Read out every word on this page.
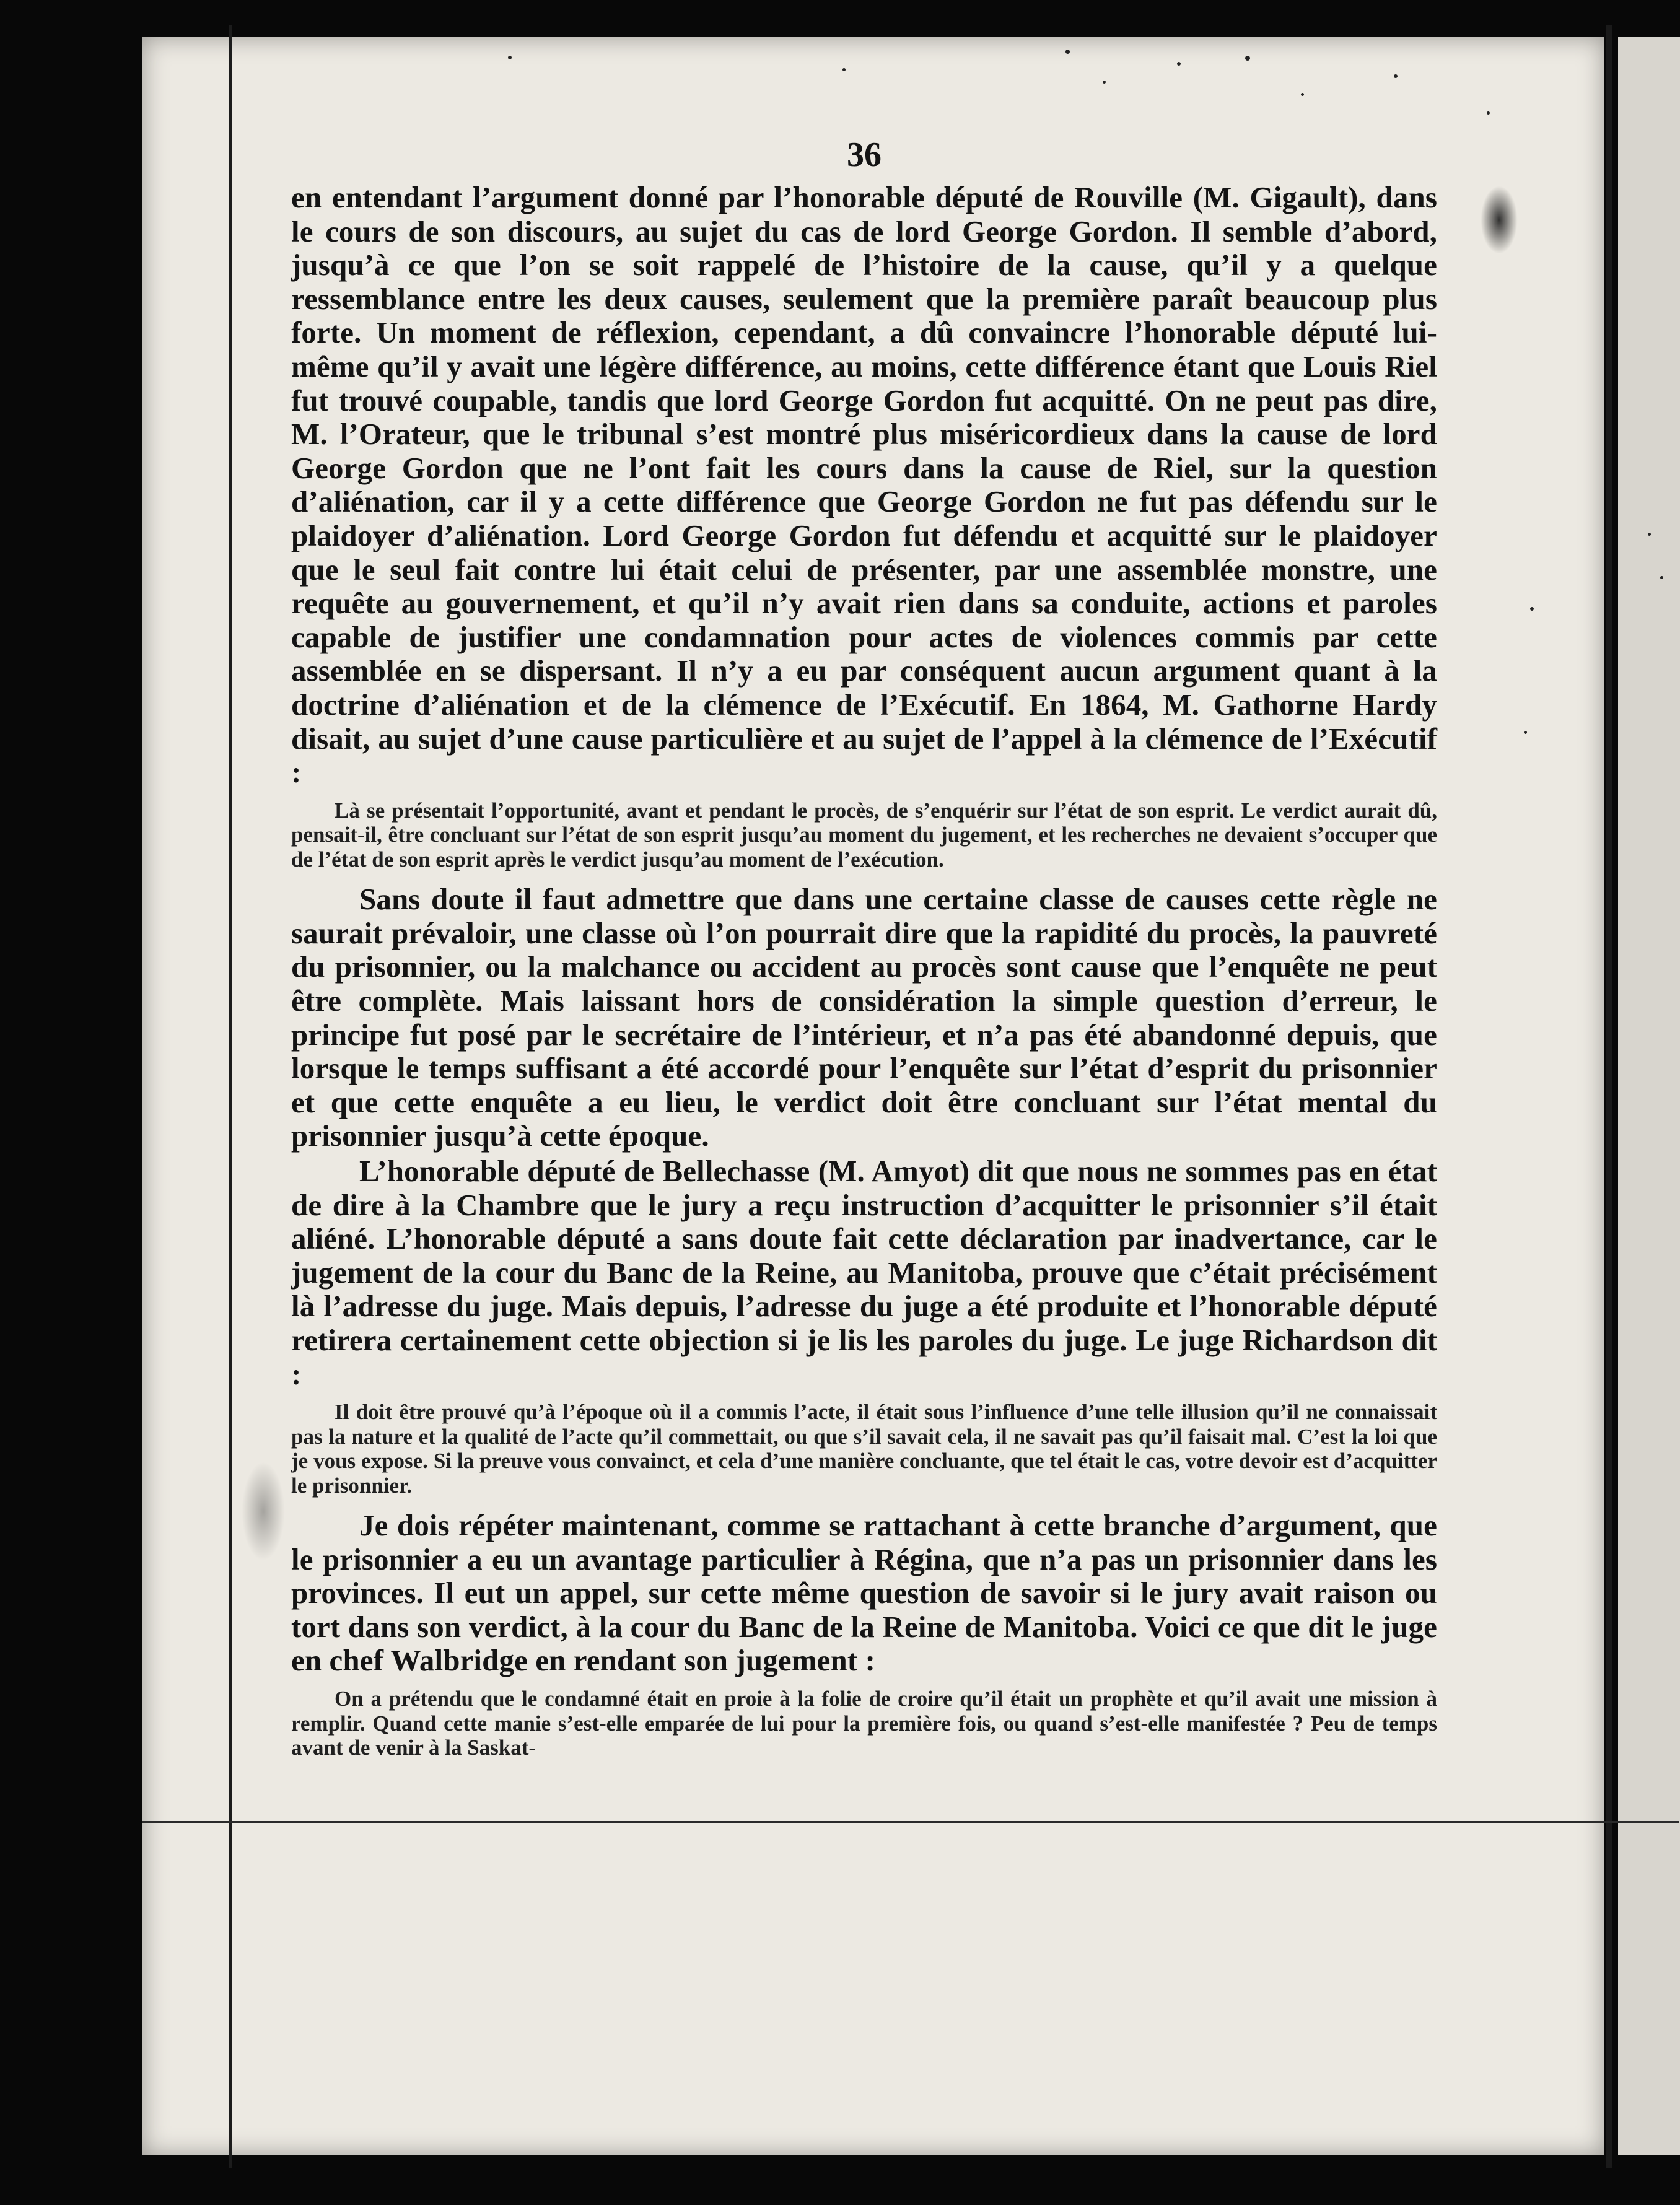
36

en entendant l’argument donné par l’honorable député de Rouville (M. Gigault), dans le cours de son discours, au sujet du cas de lord George Gordon. Il semble d’abord, jusqu’à ce que l’on se soit rappelé de l’histoire de la cause, qu’il y a quelque ressemblance entre les deux causes, seulement que la première paraît beaucoup plus forte. Un moment de réflexion, cependant, a dû convaincre l’honorable député lui-même qu’il y avait une légère différence, au moins, cette différence étant que Louis Riel fut trouvé coupable, tandis que lord George Gordon fut acquitté. On ne peut pas dire, M. l’Orateur, que le tribunal s’est montré plus miséricordieux dans la cause de lord George Gordon que ne l’ont fait les cours dans la cause de Riel, sur la question d’aliénation, car il y a cette différence que George Gordon ne fut pas défendu sur le plaidoyer d’aliénation. Lord George Gordon fut défendu et acquitté sur le plaidoyer que le seul fait contre lui était celui de présenter, par une assemblée monstre, une requête au gouvernement, et qu’il n’y avait rien dans sa conduite, actions et paroles capable de justifier une condamnation pour actes de violences commis par cette assemblée en se dispersant. Il n’y a eu par conséquent aucun argument quant à la doctrine d’aliénation et de la clémence de l’Exécutif. En 1864, M. Gathorne Hardy disait, au sujet d’une cause particulière et au sujet de l’appel à la clémence de l’Exécutif :

Là se présentait l’opportunité, avant et pendant le procès, de s’enquérir sur l’état de son esprit. Le verdict aurait dû, pensait-il, être concluant sur l’état de son esprit jusqu’au moment du jugement, et les recherches ne devaient s’occuper que de l’état de son esprit après le verdict jusqu’au moment de l’exécution.

Sans doute il faut admettre que dans une certaine classe de causes cette règle ne saurait prévaloir, une classe où l’on pourrait dire que la rapidité du procès, la pauvreté du prisonnier, ou la malchance ou accident au procès sont cause que l’enquête ne peut être complète. Mais laissant hors de considération la simple question d’erreur, le principe fut posé par le secrétaire de l’intérieur, et n’a pas été abandonné depuis, que lorsque le temps suffisant a été accordé pour l’enquête sur l’état d’esprit du prisonnier et que cette enquête a eu lieu, le verdict doit être concluant sur l’état mental du prisonnier jusqu’à cette époque.

L’honorable député de Bellechasse (M. Amyot) dit que nous ne sommes pas en état de dire à la Chambre que le jury a reçu instruction d’acquitter le prisonnier s’il était aliéné. L’honorable député a sans doute fait cette déclaration par inadvertance, car le jugement de la cour du Banc de la Reine, au Manitoba, prouve que c’était précisément là l’adresse du juge. Mais depuis, l’adresse du juge a été produite et l’honorable député retirera certainement cette objection si je lis les paroles du juge. Le juge Richardson dit :

Il doit être prouvé qu’à l’époque où il a commis l’acte, il était sous l’influence d’une telle illusion qu’il ne connaissait pas la nature et la qualité de l’acte qu’il commettait, ou que s’il savait cela, il ne savait pas qu’il faisait mal. C’est la loi que je vous expose. Si la preuve vous convainct, et cela d’une manière concluante, que tel était le cas, votre devoir est d’acquitter le prisonnier.

Je dois répéter maintenant, comme se rattachant à cette branche d’argument, que le prisonnier a eu un avantage particulier à Régina, que n’a pas un prisonnier dans les provinces. Il eut un appel, sur cette même question de savoir si le jury avait raison ou tort dans son verdict, à la cour du Banc de la Reine de Manitoba. Voici ce que dit le juge en chef Walbridge en rendant son jugement :

On a prétendu que le condamné était en proie à la folie de croire qu’il était un prophète et qu’il avait une mission à remplir. Quand cette manie s’est-elle emparée de lui pour la première fois, ou quand s’est-elle manifestée ? Peu de temps avant de venir à la Saskat-
